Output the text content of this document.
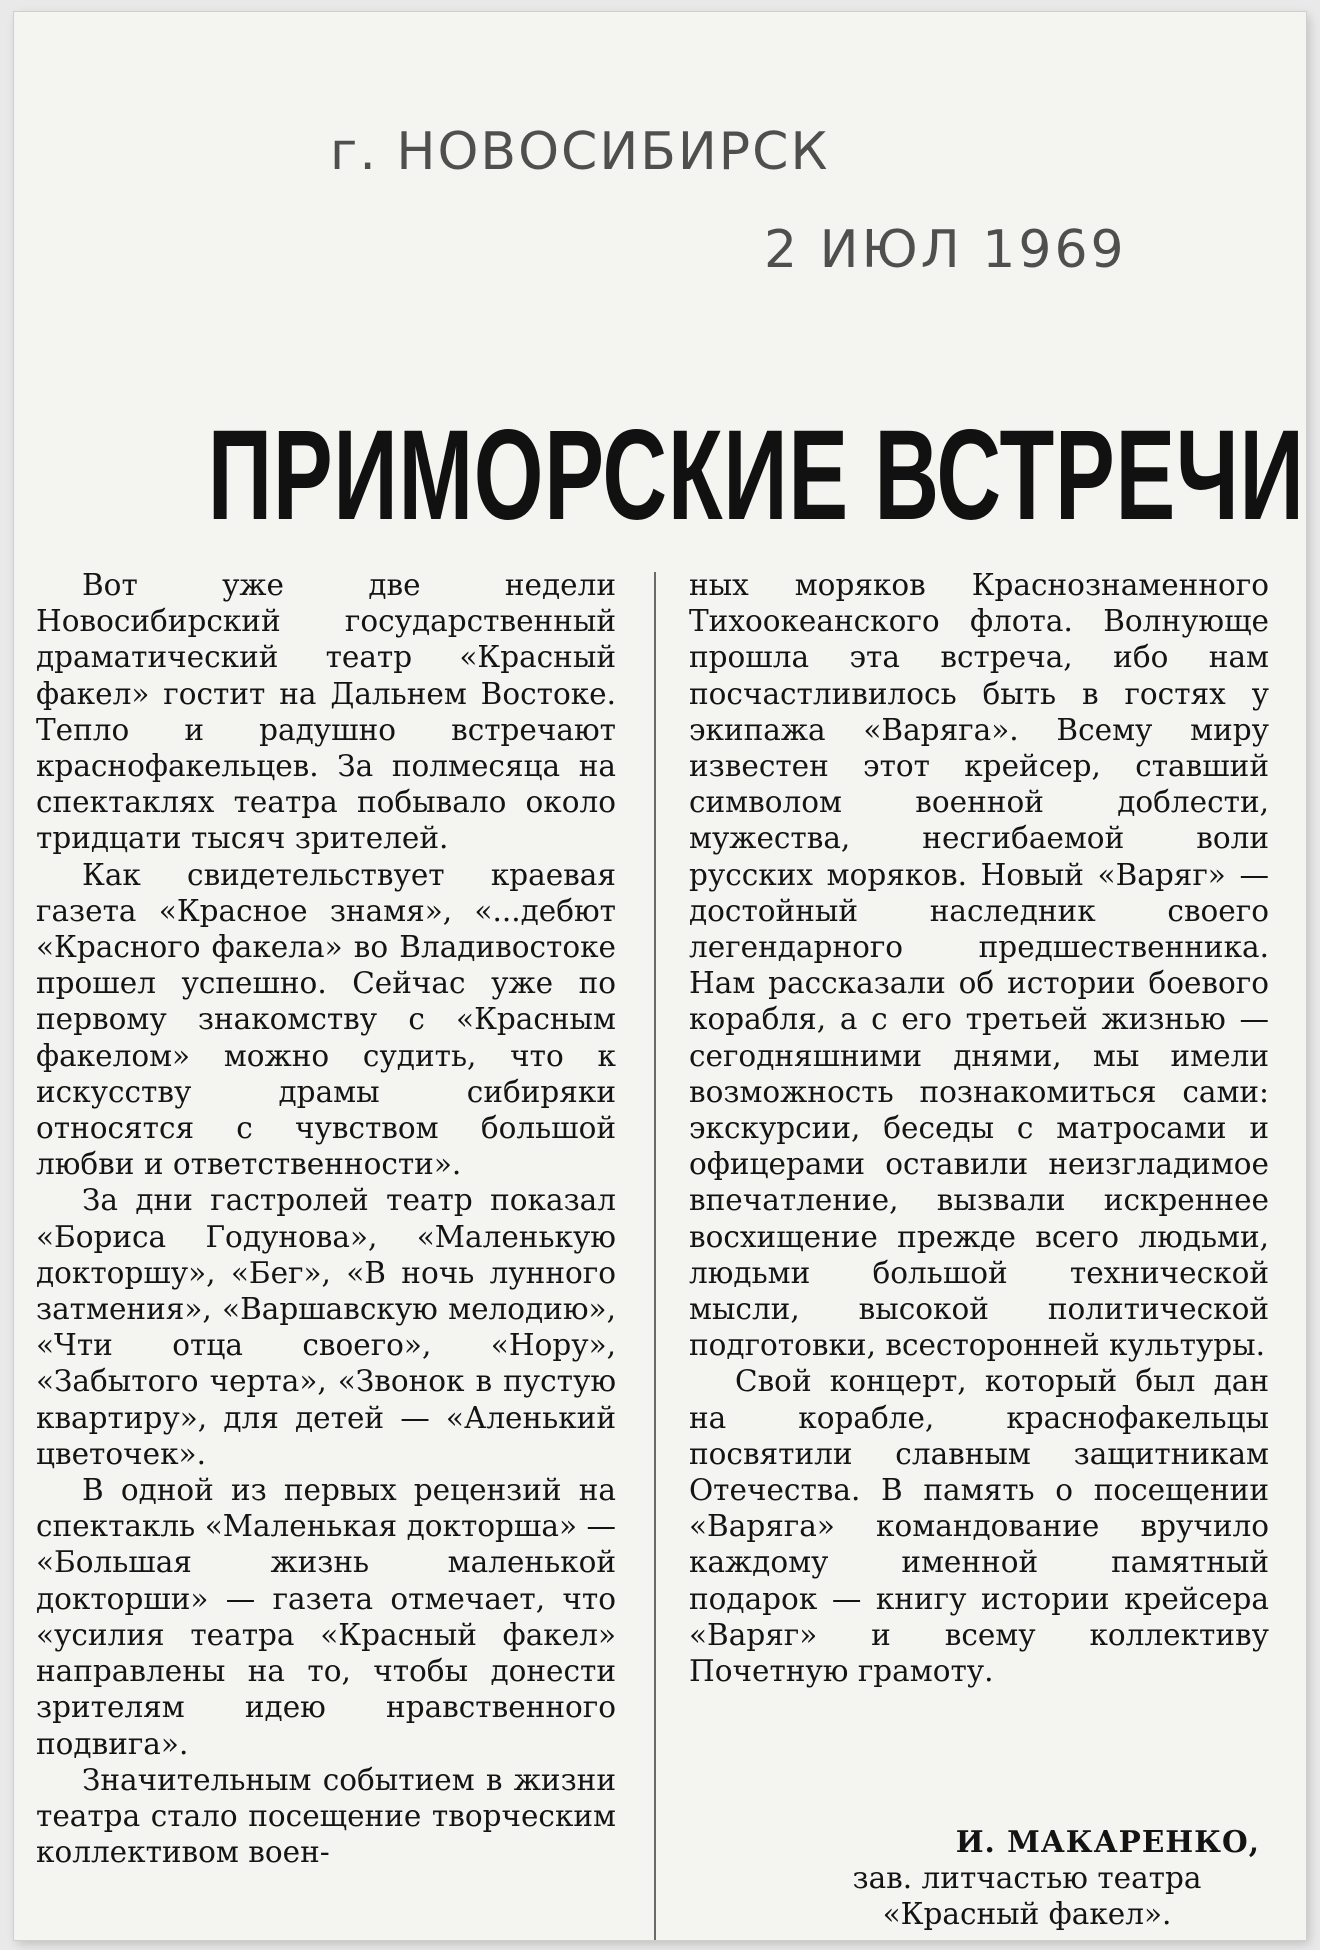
г. НОВОСИБИРСК
2 ИЮЛ 1969
ПРИМОРСКИЕ ВСТРЕЧИ

Вот уже две недели Новосибирский государственный драматический театр «Красный факел» гостит на Дальнем Востоке. Тепло и радушно встречают краснофакельцев. За полмесяца на спектаклях театра побывало около тридцати тысяч зрителей.

Как свидетельствует краевая газета «Красное знамя», «...дебют «Красного факела» во Владивостоке прошел успешно. Сейчас уже по первому знакомству с «Красным факелом» можно судить, что к искусству драмы сибиряки относятся с чувством большой любви и ответственности».

За дни гастролей театр показал «Бориса Годунова», «Маленькую докторшу», «Бег», «В ночь лунного затмения», «Варшавскую мелодию», «Чти отца своего», «Нору», «Забытого черта», «Звонок в пустую квартиру», для детей — «Аленький цветочек».

В одной из первых рецензий на спектакль «Маленькая докторша» — «Большая жизнь маленькой докторши» — газета отмечает, что «усилия театра «Красный факел» направлены на то, чтобы донести зрителям идею нравственного подвига».

Значительным событием в жизни театра стало посещение творческим коллективом воен-

ных моряков Краснознаменного Тихоокеанского флота. Волнующе прошла эта встреча, ибо нам посчастливилось быть в гостях у экипажа «Варяга». Всему миру известен этот крейсер, ставший символом военной доблести, мужества, несгибаемой воли русских моряков. Новый «Варяг» — достойный наследник своего легендарного предшественника. Нам рассказали об истории боевого корабля, а с его третьей жизнью — сегодняшними днями, мы имели возможность познакомиться сами: экскурсии, беседы с матросами и офицерами оставили неизгладимое впечатление, вызвали искреннее восхищение прежде всего людьми, людьми большой технической мысли, высокой политической подготовки, всесторонней культуры.

Свой концерт, который был дан на корабле, краснофакельцы посвятили славным защитникам Отечества. В память о посещении «Варяга» командование вручило каждому именной памятный подарок — книгу истории крейсера «Варяг» и всему коллективу Почетную грамоту.

И. МАКАРЕНКО,
зав. литчастью театра
«Красный факел».
